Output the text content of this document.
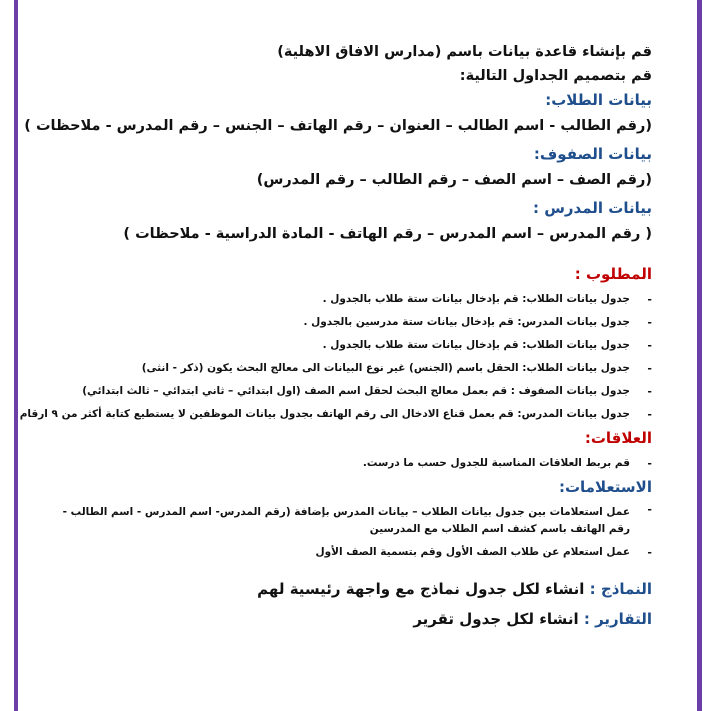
قم بإنشاء قاعدة بيانات باسم (مدارس الافاق الاهلية)
قم بتصميم الجداول التالية:
بيانات الطلاب:
(رقم الطالب - اسم الطالب – العنوان – رقم الهاتف – الجنس – رقم المدرس - ملاحظات )
بيانات الصفوف:
(رقم الصف – اسم الصف – رقم الطالب – رقم المدرس)
بيانات المدرس :
( رقم المدرس – اسم المدرس – رقم الهاتف - المادة الدراسية - ملاحظات )
المطلوب :
-
جدول بيانات الطلاب: قم بإدخال بيانات ستة طلاب بالجدول .
-
جدول بيانات المدرس: قم بإدخال بيانات ستة مدرسين بالجدول .
-
جدول بيانات الطلاب: قم بإدخال بيانات ستة طلاب بالجدول .
-
جدول بيانات الطلاب: الحقل باسم (الجنس) غير نوع البيانات الى معالج البحث يكون (ذكر - انثى)
-
جدول بيانات الصفوف : قم بعمل معالج البحث لحقل اسم الصف (اول ابتدائي – ثاني ابتدائي – ثالث ابتدائي)
-
جدول بيانات المدرس: قم بعمل قناع الادخال الى رقم الهاتف بجدول بيانات الموظفين لا يستطيع كتابة أكثر من ٩ ارقام
العلاقات:
-
قم بربط العلاقات المناسبة للجدول حسب ما درست.
الاستعلامات:
-
عمل استعلامات بين جدول بيانات الطلاب – بيانات المدرس بإضافة (رقم المدرس- اسم المدرس - اسم الطالب - رقم الهاتف باسم كشف اسم الطلاب مع المدرسين
-
عمل استعلام عن طلاب الصف الأول وقم بتسمية الصف الأول
النماذج : انشاء لكل جدول نماذج مع واجهة رئيسية لهم
التقارير : انشاء لكل جدول تقرير
